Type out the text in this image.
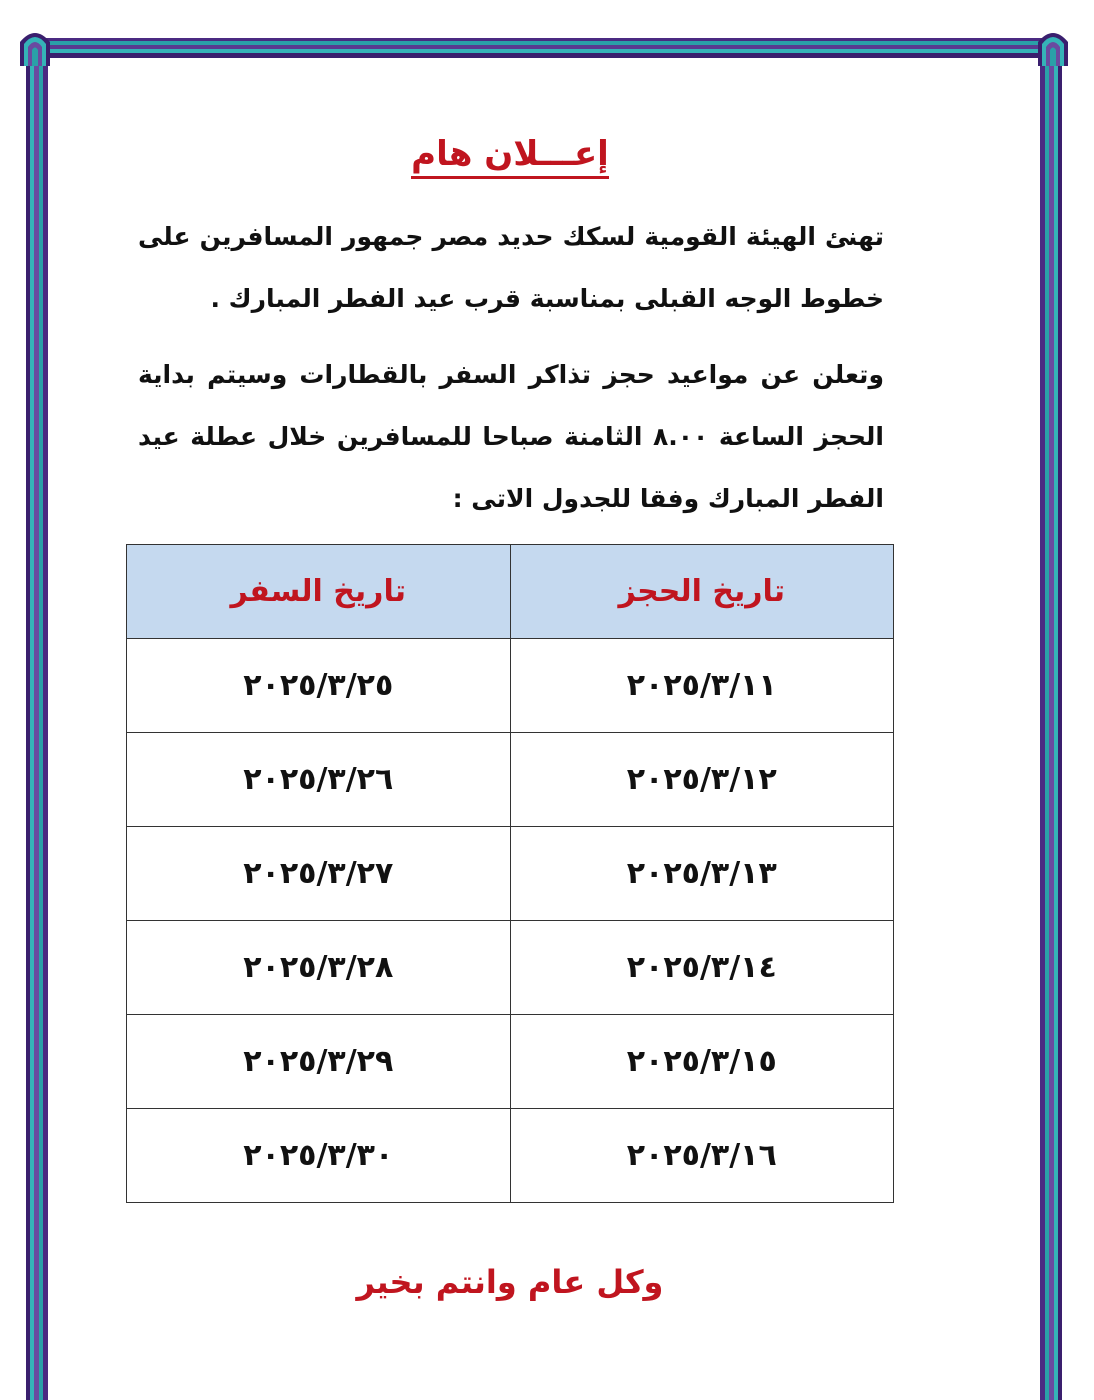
إعـــلان هام

تهنئ الهيئة القومية لسكك حديد مصر جمهور المسافرين على خطوط الوجه القبلى بمناسبة قرب عيد الفطر المبارك .

وتعلن عن مواعيد حجز تذاكر السفر بالقطارات وسيتم بداية الحجز الساعة ٨.٠٠ الثامنة صباحا للمسافرين خلال عطلة عيد الفطر المبارك وفقا للجدول الاتى :

تاريخ الحجز	تاريخ السفر
٢٠٢٥/٣/١١	٢٠٢٥/٣/٢٥
٢٠٢٥/٣/١٢	٢٠٢٥/٣/٢٦
٢٠٢٥/٣/١٣	٢٠٢٥/٣/٢٧
٢٠٢٥/٣/١٤	٢٠٢٥/٣/٢٨
٢٠٢٥/٣/١٥	٢٠٢٥/٣/٢٩
٢٠٢٥/٣/١٦	٢٠٢٥/٣/٣٠
وكل عام وانتم بخير
